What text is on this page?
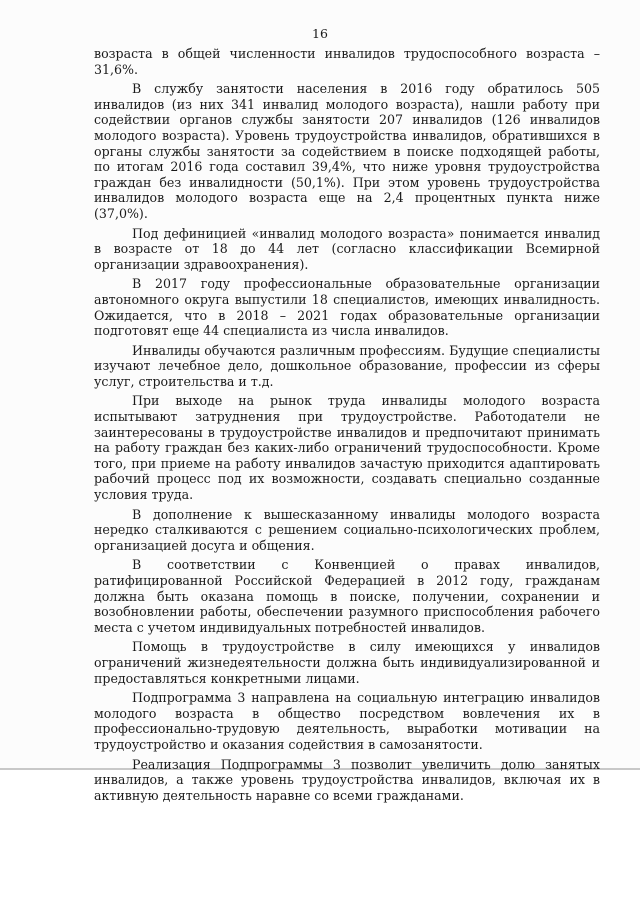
16

возраста в общей численности инвалидов трудоспособного возраста – 31,6%.

В службу занятости населения в 2016 году обратилось 505 инвалидов (из них 341 инвалид молодого возраста), нашли работу при содействии органов службы занятости 207 инвалидов (126 инвалидов молодого возраста). Уровень трудоустройства инвалидов, обратившихся в органы службы занятости за содействием в поиске подходящей работы, по итогам 2016 года составил 39,4%, что ниже уровня трудоустройства граждан без инвалидности (50,1%). При этом уровень трудоустройства инвалидов молодого возраста еще на 2,4 процентных пункта ниже (37,0%).

Под дефиницией «инвалид молодого возраста» понимается инвалид в возрасте от 18 до 44 лет (согласно классификации Всемирной организации здравоохранения).

В 2017 году профессиональные образовательные организации автономного округа выпустили 18 специалистов, имеющих инвалидность. Ожидается, что в 2018 – 2021 годах образовательные организации подготовят еще 44 специалиста из числа инвалидов.

Инвалиды обучаются различным профессиям. Будущие специалисты изучают лечебное дело, дошкольное образование, профессии из сферы услуг, строительства и т.д.

При выходе на рынок труда инвалиды молодого возраста испытывают затруднения при трудоустройстве. Работодатели не заинтересованы в трудоустройстве инвалидов и предпочитают принимать на работу граждан без каких-либо ограничений трудоспособности. Кроме того, при приеме на работу инвалидов зачастую приходится адаптировать рабочий процесс под их возможности, создавать специально созданные условия труда.

В дополнение к вышесказанному инвалиды молодого возраста нередко сталкиваются с решением социально-психологических проблем, организацией досуга и общения.

В соответствии с Конвенцией о правах инвалидов, ратифицированной Российской Федерацией в 2012 году, гражданам должна быть оказана помощь в поиске, получении, сохранении и возобновлении работы, обеспечении разумного приспособления рабочего места с учетом индивидуальных потребностей инвалидов.

Помощь в трудоустройстве в силу имеющихся у инвалидов ограничений жизнедеятельности должна быть индивидуализированной и предоставляться конкретными лицами.

Подпрограмма 3 направлена на социальную интеграцию инвалидов молодого возраста в общество посредством вовлечения их в профессионально-трудовую деятельность, выработки мотивации на трудоустройство и оказания содействия в самозанятости.

Реализация Подпрограммы 3 позволит увеличить долю занятых инвалидов, а также уровень трудоустройства инвалидов, включая их в активную деятельность наравне со всеми гражданами.
